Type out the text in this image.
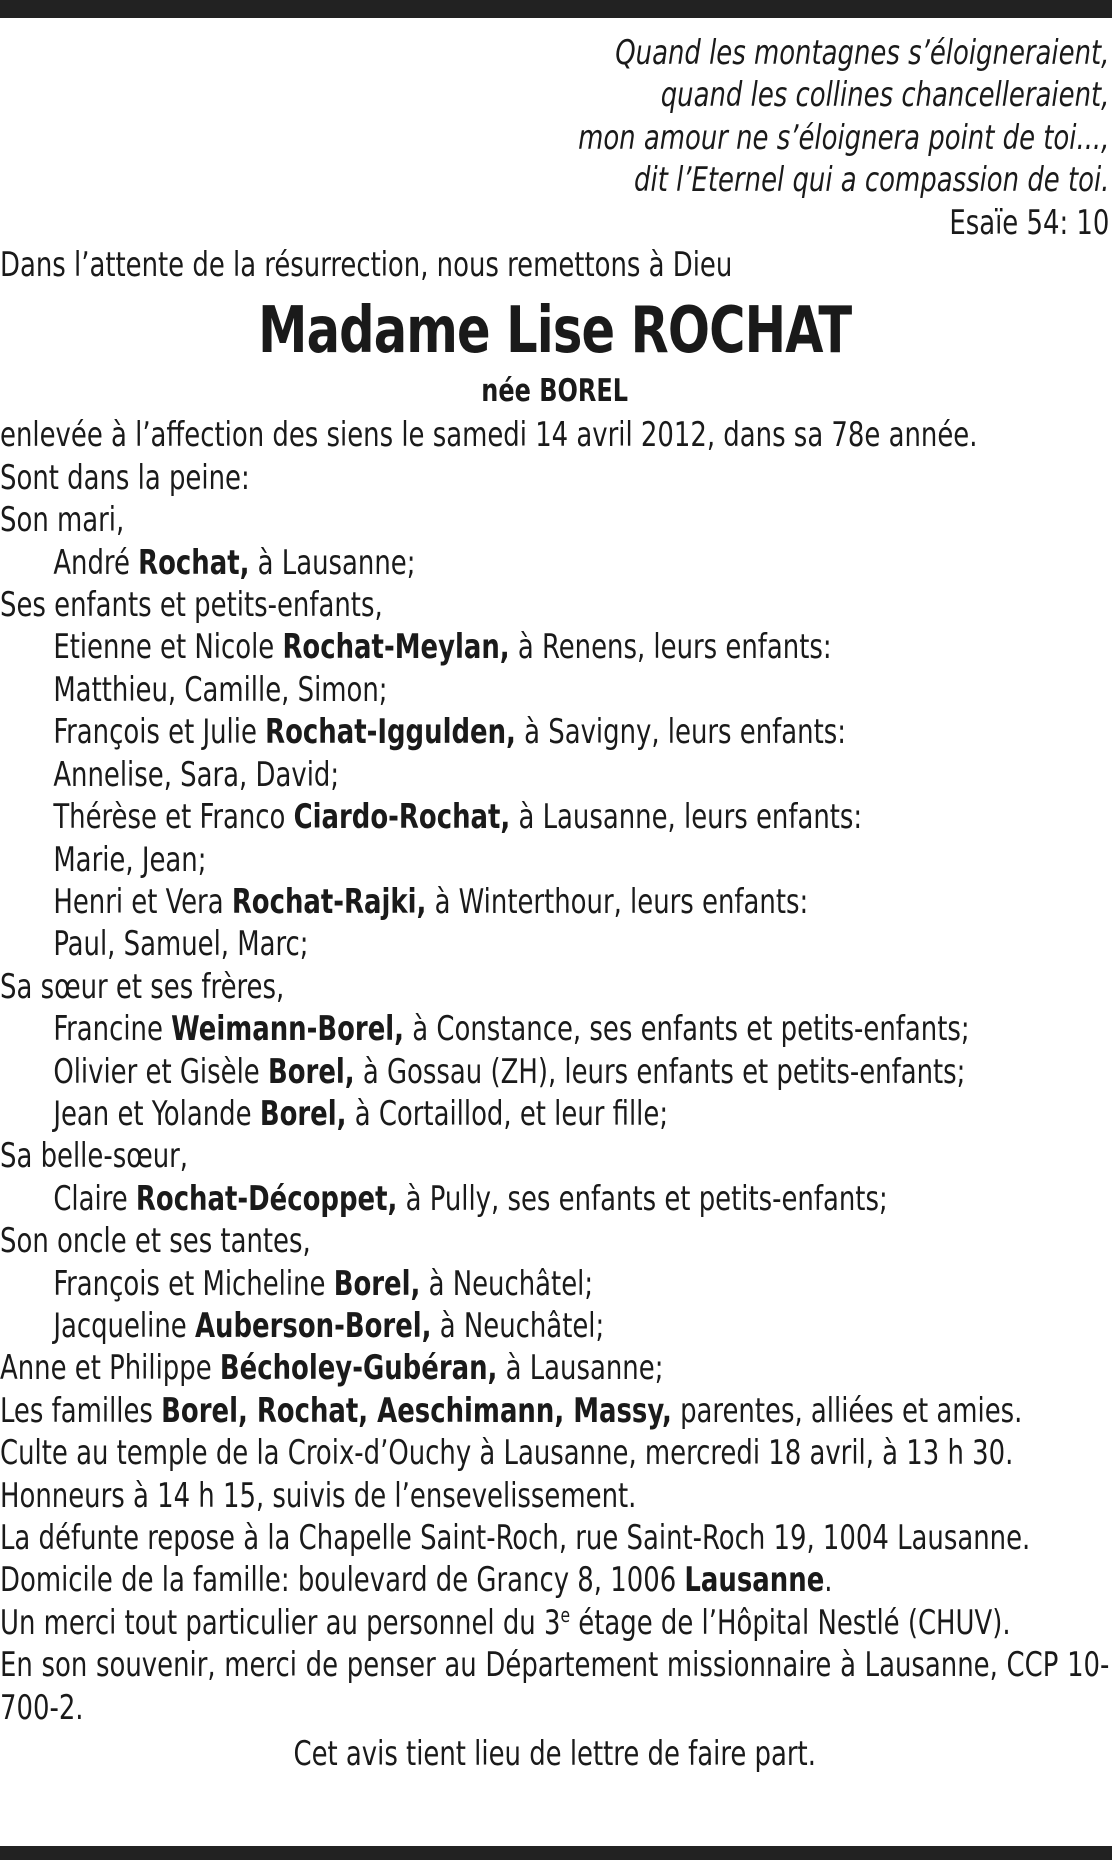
Quand les montagnes s’éloigneraient,
quand les collines chancelleraient,
mon amour ne s’éloignera point de toi...,
dit l’Eternel qui a compassion de toi.
Esaïe 54: 10
Dans l’attente de la résurrection, nous remettons à Dieu
Madame Lise ROCHAT
née BOREL
enlevée à l’affection des siens le samedi 14 avril 2012, dans sa 78e année.
Sont dans la peine:
Son mari,
André Rochat, à Lausanne;
Ses enfants et petits-enfants,
Etienne et Nicole Rochat-Meylan, à Renens, leurs enfants:
Matthieu, Camille, Simon;
François et Julie Rochat-Iggulden, à Savigny, leurs enfants:
Annelise, Sara, David;
Thérèse et Franco Ciardo-Rochat, à Lausanne, leurs enfants:
Marie, Jean;
Henri et Vera Rochat-Rajki, à Winterthour, leurs enfants:
Paul, Samuel, Marc;
Sa sœur et ses frères,
Francine Weimann-Borel, à Constance, ses enfants et petits-enfants;
Olivier et Gisèle Borel, à Gossau (ZH), leurs enfants et petits-enfants;
Jean et Yolande Borel, à Cortaillod, et leur fille;
Sa belle-sœur,
Claire Rochat-Décoppet, à Pully, ses enfants et petits-enfants;
Son oncle et ses tantes,
François et Micheline Borel, à Neuchâtel;
Jacqueline Auberson-Borel, à Neuchâtel;
Anne et Philippe Bécholey-Gubéran, à Lausanne;
Les familles Borel, Rochat, Aeschimann, Massy, parentes, alliées et amies.
Culte au temple de la Croix-d’Ouchy à Lausanne, mercredi 18 avril, à 13 h 30.
Honneurs à 14 h 15, suivis de l’ensevelissement.
La défunte repose à la Chapelle Saint-Roch, rue Saint-Roch 19, 1004 Lausanne.
Domicile de la famille: boulevard de Grancy 8, 1006 Lausanne.
Un merci tout particulier au personnel du 3e étage de l’Hôpital Nestlé (CHUV).
En son souvenir, merci de penser au Département missionnaire à Lausanne, CCP 10-700-2.
Cet avis tient lieu de lettre de faire part.
